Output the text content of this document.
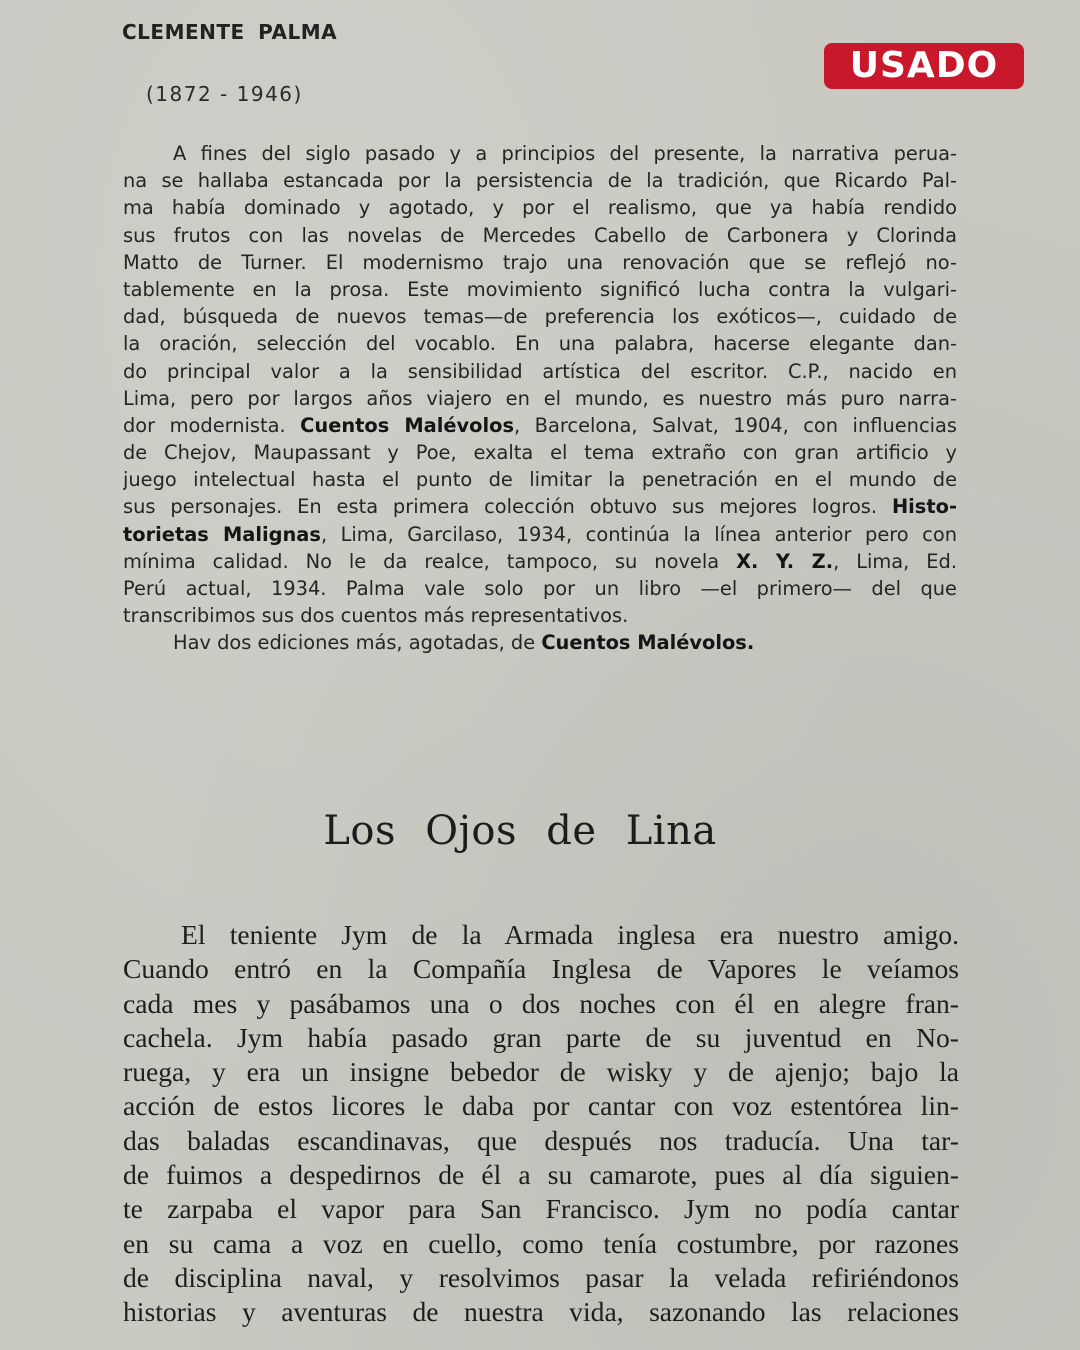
CLEMENTE PALMA
(1872 - 1946)
USADO
A fines del siglo pasado y a principios del presente, la narrativa perua-
na se hallaba estancada por la persistencia de la tradición, que Ricardo Pal-
ma había dominado y agotado, y por el realismo, que ya había rendido
sus frutos con las novelas de Mercedes Cabello de Carbonera y Clorinda
Matto de Turner. El modernismo trajo una renovación que se reflejó no-
tablemente en la prosa. Este movimiento significó lucha contra la vulgari-
dad, búsqueda de nuevos temas—de preferencia los exóticos—, cuidado de
la oración, selección del vocablo. En una palabra, hacerse elegante dan-
do principal valor a la sensibilidad artística del escritor. C.P., nacido en
Lima, pero por largos años viajero en el mundo, es nuestro más puro narra-
dor modernista. Cuentos Malévolos, Barcelona, Salvat, 1904, con influencias
de Chejov, Maupassant y Poe, exalta el tema extraño con gran artificio y
juego intelectual hasta el punto de limitar la penetración en el mundo de
sus personajes. En esta primera colección obtuvo sus mejores logros. Histo-
torietas Malignas, Lima, Garcilaso, 1934, continúa la línea anterior pero con
mínima calidad. No le da realce, tampoco, su novela X. Y. Z., Lima, Ed.
Perú actual, 1934. Palma vale solo por un libro —el primero— del que
transcribimos sus dos cuentos más representativos.
Hav dos ediciones más, agotadas, de Cuentos Malévolos.
Los Ojos de Lina
El teniente Jym de la Armada inglesa era nuestro amigo.
Cuando entró en la Compañía Inglesa de Vapores le veíamos
cada mes y pasábamos una o dos noches con él en alegre fran-
cachela. Jym había pasado gran parte de su juventud en No-
ruega, y era un insigne bebedor de wisky y de ajenjo; bajo la
acción de estos licores le daba por cantar con voz estentórea lin-
das baladas escandinavas, que después nos traducía. Una tar-
de fuimos a despedirnos de él a su camarote, pues al día siguien-
te zarpaba el vapor para San Francisco. Jym no podía cantar
en su cama a voz en cuello, como tenía costumbre, por razones
de disciplina naval, y resolvimos pasar la velada refiriéndonos
historias y aventuras de nuestra vida, sazonando las relaciones
